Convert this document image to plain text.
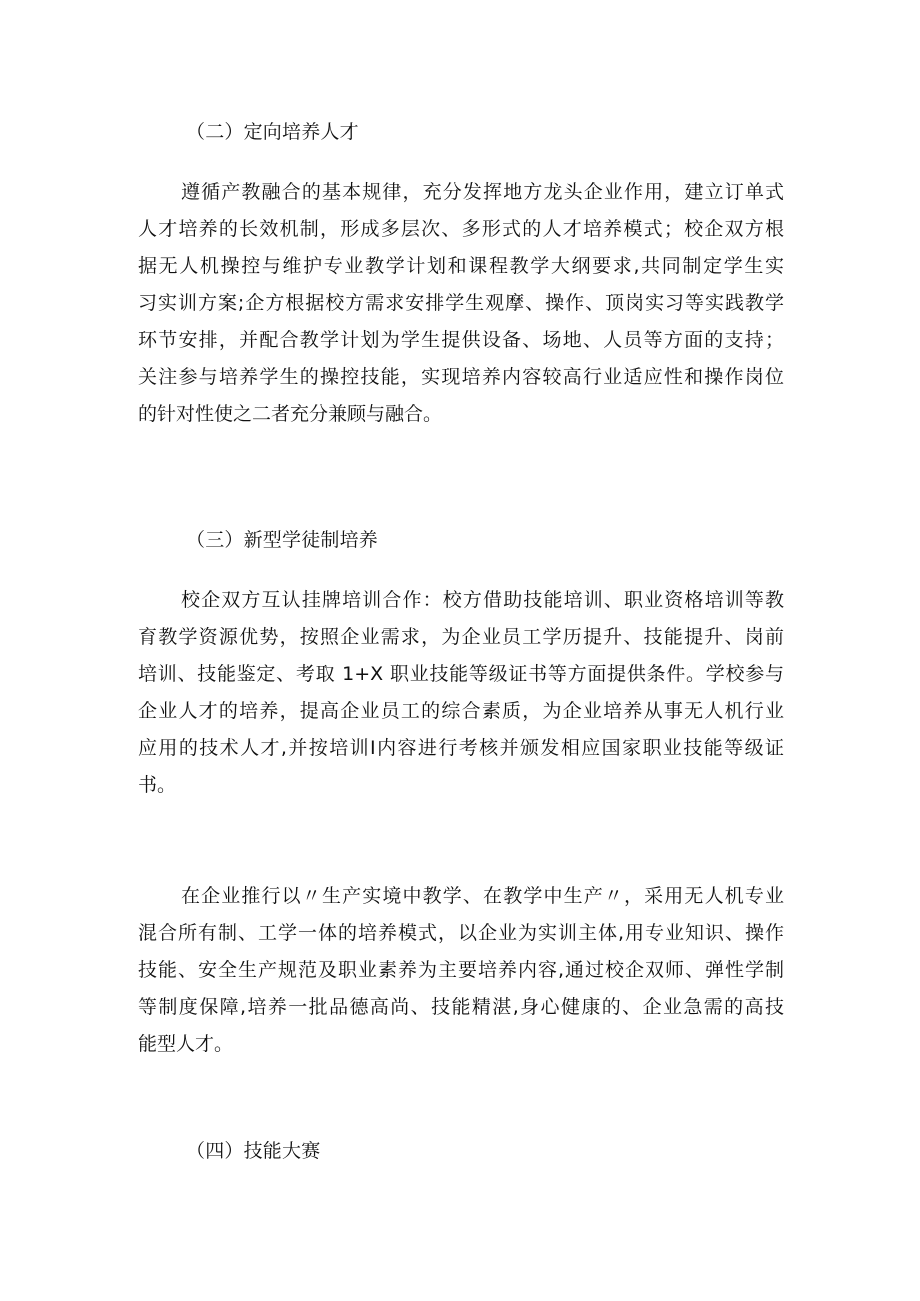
（二）定向培养人才
遵循产教融合的基本规律，充分发挥地方龙头企业作用，建立订单式
人才培养的长效机制，形成多层次、多形式的人才培养模式；校企双方根
据无人机操控与维护专业教学计划和课程教学大纲要求,共同制定学生实
习实训方案;企方根据校方需求安排学生观摩、操作、顶岗实习等实践教学
环节安排，并配合教学计划为学生提供设备、场地、人员等方面的支持；
关注参与培养学生的操控技能，实现培养内容较高行业适应性和操作岗位
的针对性使之二者充分兼顾与融合。
（三）新型学徒制培养
校企双方互认挂牌培训合作：校方借助技能培训、职业资格培训等教
育教学资源优势，按照企业需求，为企业员工学历提升、技能提升、岗前
培训、技能鉴定、考取 1+X 职业技能等级证书等方面提供条件。学校参与
企业人才的培养，提高企业员工的综合素质，为企业培养从事无人机行业
应用的技术人才,并按培训I内容进行考核并颁发相应国家职业技能等级证
书。
在企业推行以〃生产实境中教学、在教学中生产〃，采用无人机专业
混合所有制、工学一体的培养模式，以企业为实训主体,用专业知识、操作
技能、安全生产规范及职业素养为主要培养内容,通过校企双师、弹性学制
等制度保障,培养一批品德高尚、技能精湛,身心健康的、企业急需的高技
能型人才。
（四）技能大赛
